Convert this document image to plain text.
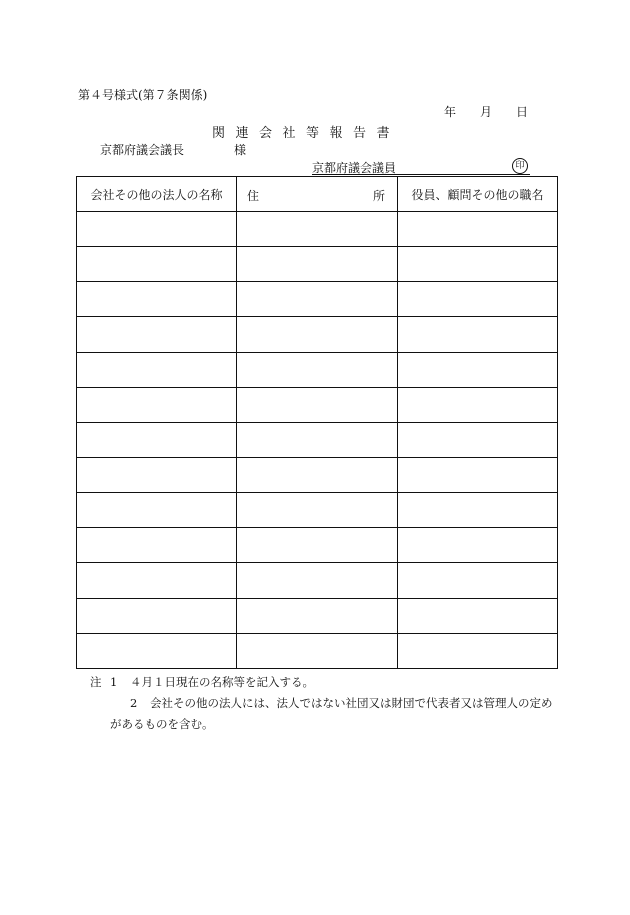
第４号様式(第７条関係)
年 月 日
関連会社等報告書
京都府議会議長	様
京都府議会議員	印
会社その他の法人の名称	住 所	役員、顧問その他の職名

注 1	４月１日現在の名称等を記入する。
2	会社その他の法人には、法人ではない社団又は財団で代表者又は管理人の定め
があるものを含む。
